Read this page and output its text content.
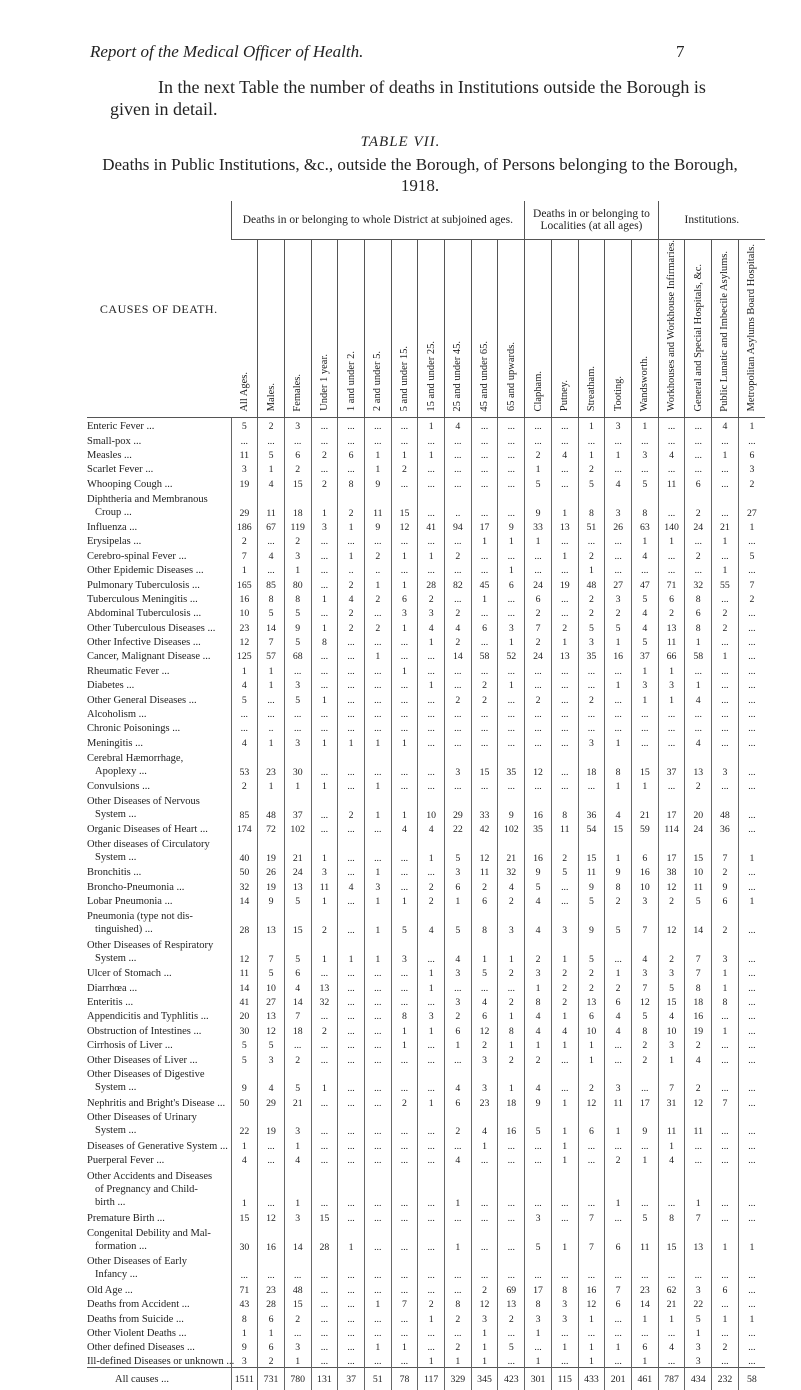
Report of the Medical Officer of Health.	7
In the next Table the number of deaths in Institutions outside the Borough is given in detail.
TABLE VII.
Deaths in Public Institutions, &c., outside the Borough, of Persons belonging to the Borough, 1918.
CAUSES OF DEATH.	Deaths in or belonging to whole District at subjoined ages.											Deaths in or belonging to Localities (at all ages)					Institutions.			

	All Ages.	Males.	Females.	Under 1 year.	1 and under 2.	2 and under 5.	5 and under 15.	15 and under 25.	25 and under 45.	45 and under 65.	65 and upwards.	Clapham.	Putney.	Streatham.	Tooting.	Wandsworth.	Workhouses and Workhouse Infirmaries.	General and Special Hospitals, &c.	Public Lunatic and Imbecile Asylums.	Metropolitan Asylums Board Hospitals.

Enteric Fever ...	5	2	3	...	...	...	...	1	4	...	...	...	...	1	3	1	...	...	4	1
Small-pox ...	...	...	...	...	...	...	...	...	...	...	...	...	...	...	...	...	...	...	...	...
Measles ...	11	5	6	2	6	1	1	1	...	...	...	2	4	1	1	3	4	...	1	6
Scarlet Fever ...	3	1	2	...	...	1	2	...	...	...	...	1	...	2	...	...	...	...	...	3
Whooping Cough ...	19	4	15	2	8	9	...	...	...	...	...	5	...	5	4	5	11	6	...	2
Diphtheria and Membranous
Croup ...	29	11	18	1	2	11	15	...	..	...	...	9	1	8	3	8	...	2	...	27
Influenza ...	186	67	119	3	1	9	12	41	94	17	9	33	13	51	26	63	140	24	21	1
Erysipelas ...	2	...	2	...	...	...	...	...	...	1	1	1	...	...	...	1	1	...	1	...
Cerebro-spinal Fever ...	7	4	3	...	1	2	1	1	2	...	...	...	1	2	...	4	...	2	...	5
Other Epidemic Diseases ...	1	...	1	...	..	..	...	...	...	...	1	...	...	1	...	...	...	...	1	...
Pulmonary Tuberculosis ...	165	85	80	...	2	1	1	28	82	45	6	24	19	48	27	47	71	32	55	7
Tuberculous Meningitis ...	16	8	8	1	4	2	6	2	...	1	...	6	...	2	3	5	6	8	...	2
Abdominal Tuberculosis ...	10	5	5	...	2	...	3	3	2	...	...	2	...	2	2	4	2	6	2	...
Other Tuberculous Diseases ...	23	14	9	1	2	2	1	4	4	6	3	7	2	5	5	4	13	8	2	...
Other Infective Diseases ...	12	7	5	8	...	...	...	1	2	...	1	2	1	3	1	5	11	1	...	...
Cancer, Malignant Disease ...	125	57	68	...	...	1	...	...	14	58	52	24	13	35	16	37	66	58	1	...
Rheumatic Fever ...	1	1	...	...	...	...	1	...	...	...	...	...	...	...	...	1	1	...	...	...
Diabetes ...	4	1	3	...	...	...	...	1	...	2	1	...	...	...	1	3	3	1	...	...
Other General Diseases ...	5	...	5	1	...	...	...	...	2	2	...	2	...	2	...	1	1	4	...	...
Alcoholism ...	...	...	...	...	...	...	...	...	...	...	...	...	...	...	...	...	...	...	...	...
Chronic Poisonings ...	...	..	...	...	...	...	...	...	...	...	...	...	...	...	...	...	...	...	...	...
Meningitis ...	4	1	3	1	1	1	1	...	...	...	...	...	...	3	1	...	...	4	...	...
Cerebral Hæmorrhage,
Apoplexy ...	53	23	30	...	...	...	...	...	3	15	35	12	...	18	8	15	37	13	3	...
Convulsions ...	2	1	1	1	...	1	...	...	...	...	...	...	...	...	1	1	...	2	...	...
Other Diseases of Nervous
System ...	85	48	37	...	2	1	1	10	29	33	9	16	8	36	4	21	17	20	48	...
Organic Diseases of Heart ...	174	72	102	...	...	...	4	4	22	42	102	35	11	54	15	59	114	24	36	...
Other diseases of Circulatory
System ...	40	19	21	1	...	...	...	1	5	12	21	16	2	15	1	6	17	15	7	1
Bronchitis ...	50	26	24	3	...	1	...	...	3	11	32	9	5	11	9	16	38	10	2	...
Broncho-Pneumonia ...	32	19	13	11	4	3	...	2	6	2	4	5	...	9	8	10	12	11	9	...
Lobar Pneumonia ...	14	9	5	1	...	1	1	2	1	6	2	4	...	5	2	3	2	5	6	1
Pneumonia (type not dis-
tinguished) ...	28	13	15	2	...	1	5	4	5	8	3	4	3	9	5	7	12	14	2	...
Other Diseases of Respiratory
System ...	12	7	5	1	1	1	3	...	4	1	1	2	1	5	...	4	2	7	3	...
Ulcer of Stomach ...	11	5	6	...	...	...	...	1	3	5	2	3	2	2	1	3	3	7	1	...
Diarrhœa ...	14	10	4	13	...	...	...	1	...	...	...	1	2	2	2	7	5	8	1	...
Enteritis ...	41	27	14	32	...	...	...	...	3	4	2	8	2	13	6	12	15	18	8	...
Appendicitis and Typhlitis ...	20	13	7	...	...	...	8	3	2	6	1	4	1	6	4	5	4	16	...	...
Obstruction of Intestines ...	30	12	18	2	...	...	1	1	6	12	8	4	4	10	4	8	10	19	1	...
Cirrhosis of Liver ...	5	5	...	...	...	...	1	...	1	2	1	1	1	1	...	2	3	2	...	...
Other Diseases of Liver ...	5	3	2	...	...	...	...	...	...	3	2	2	...	1	...	2	1	4	...	...
Other Diseases of Digestive
System ...	9	4	5	1	...	...	...	...	4	3	1	4	...	2	3	...	7	2	...	...
Nephritis and Bright's Disease ...	50	29	21	...	...	...	2	1	6	23	18	9	1	12	11	17	31	12	7	...
Other Diseases of Urinary
System ...	22	19	3	...	...	...	...	...	2	4	16	5	1	6	1	9	11	11	...	...
Diseases of Generative System ...	1	...	1	...	...	...	...	...	...	1	...	...	1	...	...	...	1	...	...	...
Puerperal Fever ...	4	...	4	...	...	...	...	...	4	...	...	...	1	...	2	1	4	...	...	...
Other Accidents and Diseases
of Pregnancy and Child-
birth ...	1	...	1	...	...	...	...	...	1	...	...	...	...	...	1	...	...	1	...	...
Premature Birth ...	15	12	3	15	...	...	...	...	...	...	...	3	...	7	...	5	8	7	...	...
Congenital Debility and Mal-
formation ...	30	16	14	28	1	...	...	...	1	...	...	5	1	7	6	11	15	13	1	1
Other Diseases of Early
Infancy ...	...	...	...	...	...	...	...	...	...	...	...	...	...	...	...	...	...	...	...	...
Old Age ...	71	23	48	...	...	...	...	...	...	2	69	17	8	16	7	23	62	3	6	...
Deaths from Accident ...	43	28	15	...	...	1	7	2	8	12	13	8	3	12	6	14	21	22	...	...
Deaths from Suicide ...	8	6	2	...	...	...	...	1	2	3	2	3	3	1	...	1	1	5	1	1
Other Violent Deaths ...	1	1	...	...	...	...	...	...	...	1	...	1	...	...	...	...	...	1	...	...
Other defined Diseases ...	9	6	3	...	...	1	1	...	2	1	5	...	1	1	1	6	4	3	2	...
Ill-defined Diseases or unknown ...	3	2	1	...	...	...	...	1	1	1	...	1	...	1	...	1	...	3	...	...
All causes ...	1511	731	780	131	37	51	78	117	329	345	423	301	115	433	201	461	787	434	232	58
